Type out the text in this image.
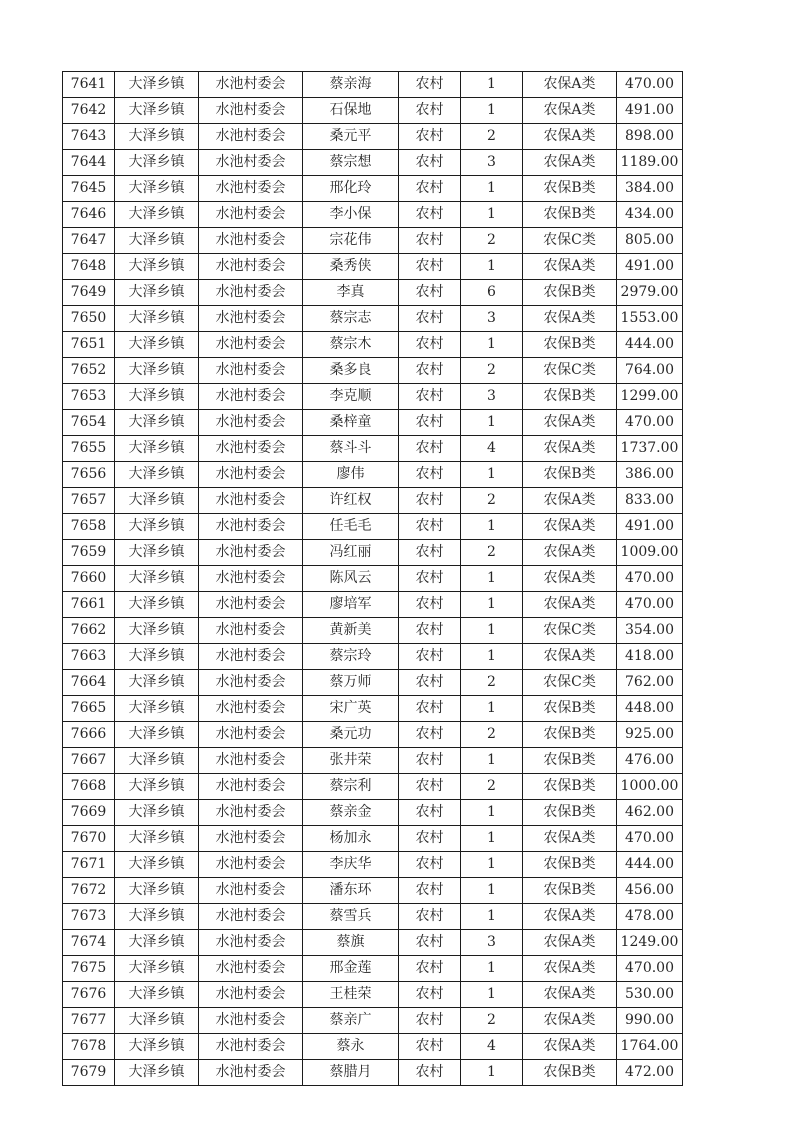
7641	大泽乡镇	水池村委会	蔡亲海	农村	1	农保A类	470.00
7642	大泽乡镇	水池村委会	石保地	农村	1	农保A类	491.00
7643	大泽乡镇	水池村委会	桑元平	农村	2	农保A类	898.00
7644	大泽乡镇	水池村委会	蔡宗想	农村	3	农保A类	1189.00
7645	大泽乡镇	水池村委会	邢化玲	农村	1	农保B类	384.00
7646	大泽乡镇	水池村委会	李小保	农村	1	农保B类	434.00
7647	大泽乡镇	水池村委会	宗花伟	农村	2	农保C类	805.00
7648	大泽乡镇	水池村委会	桑秀侠	农村	1	农保A类	491.00
7649	大泽乡镇	水池村委会	李真	农村	6	农保B类	2979.00
7650	大泽乡镇	水池村委会	蔡宗志	农村	3	农保A类	1553.00
7651	大泽乡镇	水池村委会	蔡宗木	农村	1	农保B类	444.00
7652	大泽乡镇	水池村委会	桑多良	农村	2	农保C类	764.00
7653	大泽乡镇	水池村委会	李克顺	农村	3	农保B类	1299.00
7654	大泽乡镇	水池村委会	桑梓童	农村	1	农保A类	470.00
7655	大泽乡镇	水池村委会	蔡斗斗	农村	4	农保A类	1737.00
7656	大泽乡镇	水池村委会	廖伟	农村	1	农保B类	386.00
7657	大泽乡镇	水池村委会	许红权	农村	2	农保A类	833.00
7658	大泽乡镇	水池村委会	任毛毛	农村	1	农保A类	491.00
7659	大泽乡镇	水池村委会	冯红丽	农村	2	农保A类	1009.00
7660	大泽乡镇	水池村委会	陈风云	农村	1	农保A类	470.00
7661	大泽乡镇	水池村委会	廖培军	农村	1	农保A类	470.00
7662	大泽乡镇	水池村委会	黄新美	农村	1	农保C类	354.00
7663	大泽乡镇	水池村委会	蔡宗玲	农村	1	农保A类	418.00
7664	大泽乡镇	水池村委会	蔡万师	农村	2	农保C类	762.00
7665	大泽乡镇	水池村委会	宋广英	农村	1	农保B类	448.00
7666	大泽乡镇	水池村委会	桑元功	农村	2	农保B类	925.00
7667	大泽乡镇	水池村委会	张井荣	农村	1	农保B类	476.00
7668	大泽乡镇	水池村委会	蔡宗利	农村	2	农保B类	1000.00
7669	大泽乡镇	水池村委会	蔡亲金	农村	1	农保B类	462.00
7670	大泽乡镇	水池村委会	杨加永	农村	1	农保A类	470.00
7671	大泽乡镇	水池村委会	李庆华	农村	1	农保B类	444.00
7672	大泽乡镇	水池村委会	潘东环	农村	1	农保B类	456.00
7673	大泽乡镇	水池村委会	蔡雪兵	农村	1	农保A类	478.00
7674	大泽乡镇	水池村委会	蔡旗	农村	3	农保A类	1249.00
7675	大泽乡镇	水池村委会	邢金莲	农村	1	农保A类	470.00
7676	大泽乡镇	水池村委会	王桂荣	农村	1	农保A类	530.00
7677	大泽乡镇	水池村委会	蔡亲广	农村	2	农保A类	990.00
7678	大泽乡镇	水池村委会	蔡永	农村	4	农保A类	1764.00
7679	大泽乡镇	水池村委会	蔡腊月	农村	1	农保B类	472.00
